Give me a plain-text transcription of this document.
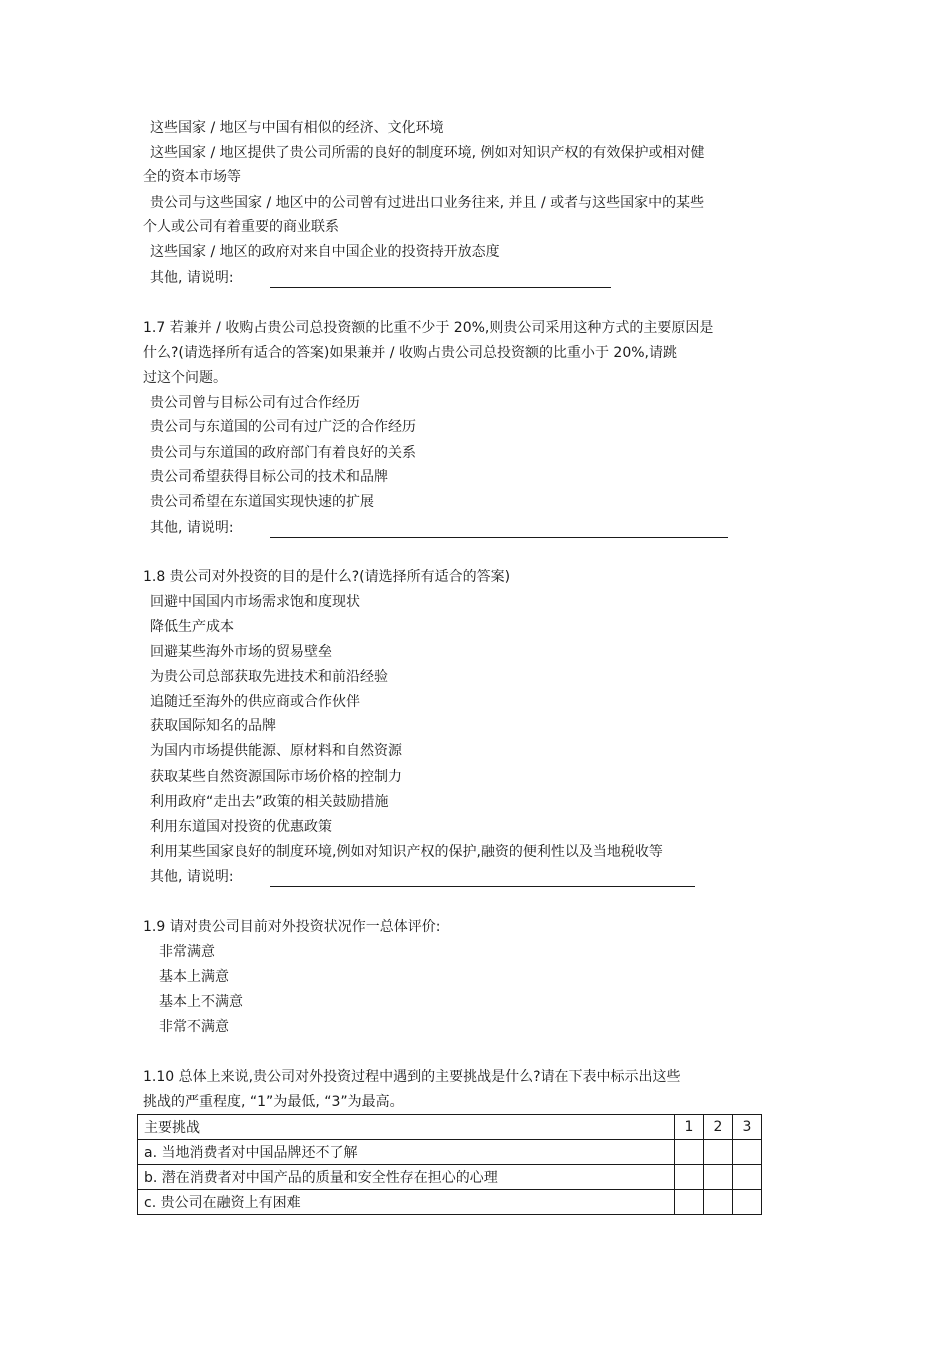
这些国家 / 地区与中国有相似的经济、文化环境
这些国家 / 地区提供了贵公司所需的良好的制度环境, 例如对知识产权的有效保护或相对健
全的资本市场等
贵公司与这些国家 / 地区中的公司曾有过进出口业务往来, 并且 / 或者与这些国家中的某些
个人或公司有着重要的商业联系
这些国家 / 地区的政府对来自中国企业的投资持开放态度
其他, 请说明:
1.7 若兼并 / 收购占贵公司总投资额的比重不少于 20%,则贵公司采用这种方式的主要原因是
什么?(请选择所有适合的答案)如果兼并 / 收购占贵公司总投资额的比重小于 20%,请跳
过这个问题。
贵公司曾与目标公司有过合作经历
贵公司与东道国的公司有过广泛的合作经历
贵公司与东道国的政府部门有着良好的关系
贵公司希望获得目标公司的技术和品牌
贵公司希望在东道国实现快速的扩展
其他, 请说明:
1.8 贵公司对外投资的目的是什么?(请选择所有适合的答案)
回避中国国内市场需求饱和度现状
降低生产成本
回避某些海外市场的贸易壁垒
为贵公司总部获取先进技术和前沿经验
追随迁至海外的供应商或合作伙伴
获取国际知名的品牌
为国内市场提供能源、原材料和自然资源
获取某些自然资源国际市场价格的控制力
利用政府“走出去”政策的相关鼓励措施
利用东道国对投资的优惠政策
利用某些国家良好的制度环境,例如对知识产权的保护,融资的便利性以及当地税收等
其他, 请说明:
1.9 请对贵公司目前对外投资状况作一总体评价:
非常满意
基本上满意
基本上不满意
非常不满意
1.10 总体上来说,贵公司对外投资过程中遇到的主要挑战是什么?请在下表中标示出这些
挑战的严重程度, “1”为最低, “3”为最高。
主要挑战	1	2	3
a. 当地消费者对中国品牌还不了解			
b. 潜在消费者对中国产品的质量和安全性存在担心的心理			
c. 贵公司在融资上有困难			
